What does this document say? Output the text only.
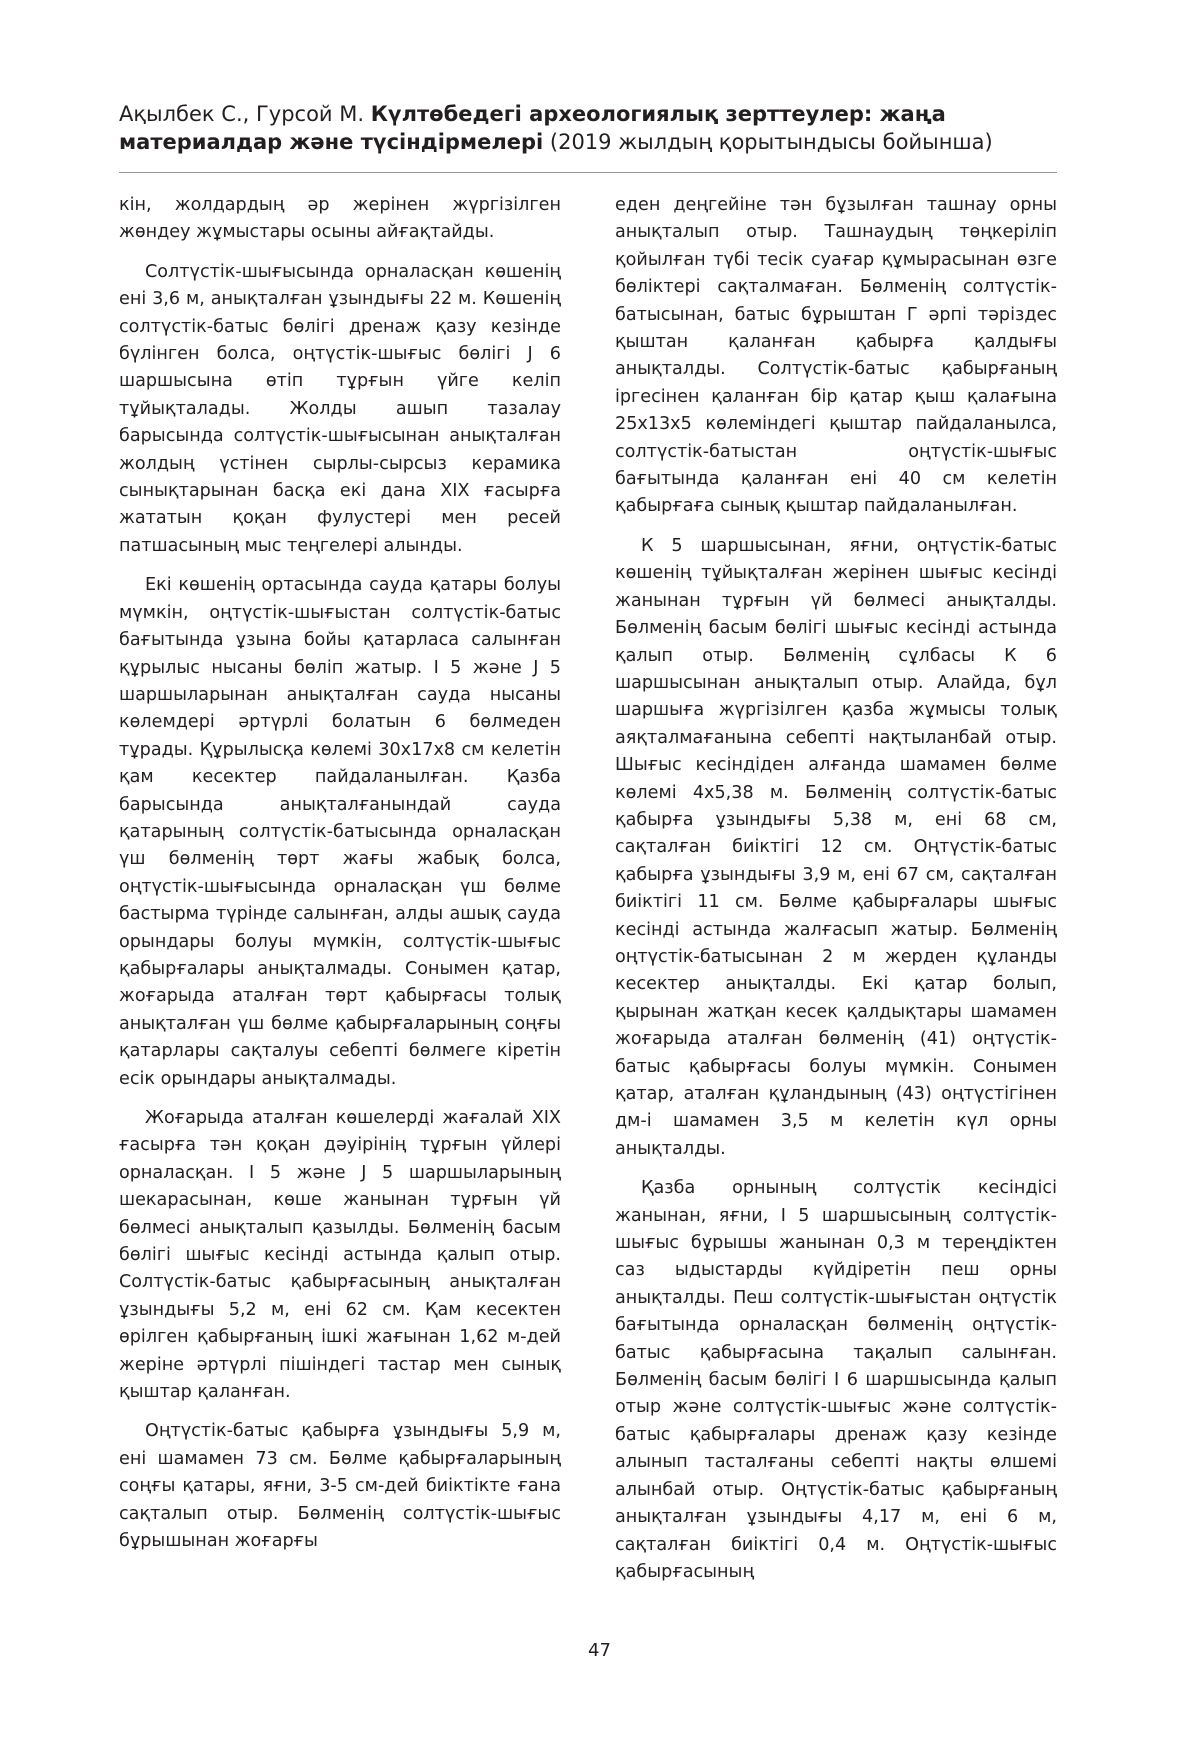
Ақылбек С., Гурсой М. Күлтөбедегі археологиялық зерттеулер: жаңа материалдар және түсіндірмелері (2019 жылдың қорытындысы бойынша)

кін, жолдардың әр жерінен жүргізілген жөндеу жұмыстары осыны айғақтайды.

Солтүстік-шығысында орналасқан көшенің ені 3,6 м, анықталған ұзындығы 22 м. Көшенің солтүстік-батыс бөлігі дренаж қазу кезінде бүлінген болса, оңтүстік-шығыс бөлігі J 6 шаршысына өтіп тұрғын үйге келіп тұйықталады. Жолды ашып тазалау барысында солтүстік-шығысынан анықталған жолдың үстінен сырлы-сырсыз керамика сынықтарынан басқа екі дана XIX ғасырға жататын қоқан фулустері мен ресей патшасының мыс теңгелері алынды.

Екі көшенің ортасында сауда қатары болуы мүмкін, оңтүстік-шығыстан солтүстік-батыс бағытында ұзына бойы қатарласа салынған құрылыс нысаны бөліп жатыр. I 5 және J 5 шаршыларынан анықталған сауда нысаны көлемдері әртүрлі болатын 6 бөлмеден тұрады. Құрылысқа көлемі 30х17х8 см келетін қам кесектер пайдаланылған. Қазба барысында анықталғанындай сауда қатарының солтүстік-батысында орналасқан үш бөлменің төрт жағы жабық болса, оңтүстік-шығысында орналасқан үш бөлме бастырма түрінде салынған, алды ашық сауда орындары болуы мүмкін, солтүстік-шығыс қабырғалары анықталмады. Сонымен қатар, жоғарыда аталған төрт қабырғасы толық анықталған үш бөлме қабырғаларының соңғы қатарлары сақталуы себепті бөлмеге кіретін есік орындары анықталмады.

Жоғарыда аталған көшелерді жағалай XIX ғасырға тән қоқан дәуірінің тұрғын үйлері орналасқан. I 5 және J 5 шаршыларының шекарасынан, көше жанынан тұрғын үй бөлмесі анықталып қазылды. Бөлменің басым бөлігі шығыс кесінді астында қалып отыр. Солтүстік-батыс қабырғасының анықталған ұзындығы 5,2 м, ені 62 см. Қам кесектен өрілген қабырғаның ішкі жағынан 1,62 м-дей жеріне әртүрлі пішіндегі тастар мен сынық қыштар қаланған.

Оңтүстік-батыс қабырға ұзындығы 5,9 м, ені шамамен 73 см. Бөлме қабырғаларының соңғы қатары, яғни, 3-5 см-дей биіктікте ғана сақталып отыр. Бөлменің солтүстік-шығыс бұрышынан жоғарғы

еден деңгейіне тән бұзылған ташнау орны анықталып отыр. Ташнаудың төңкеріліп қойылған түбі тесік суағар құмырасынан өзге бөліктері сақталмаған. Бөлменің солтүстік-батысынан, батыс бұрыштан Г әрпі тәріздес қыштан қаланған қабырға қалдығы анықталды. Солтүстік-батыс қабырғаның іргесінен қаланған бір қатар қыш қалағына 25х13х5 көлеміндегі қыштар пайдаланылса, солтүстік-батыстан оңтүстік-шығыс бағытында қаланған ені 40 см келетін қабырғаға сынық қыштар пайдаланылған.

К 5 шаршысынан, яғни, оңтүстік-батыс көшенің тұйықталған жерінен шығыс кесінді жанынан тұрғын үй бөлмесі анықталды. Бөлменің басым бөлігі шығыс кесінді астында қалып отыр. Бөлменің сұлбасы К 6 шаршысынан анықталып отыр. Алайда, бұл шаршыға жүргізілген қазба жұмысы толық аяқталмағанына себепті нақтыланбай отыр. Шығыс кесіндіден алғанда шамамен бөлме көлемі 4х5,38 м. Бөлменің солтүстік-батыс қабырға ұзындығы 5,38 м, ені 68 см, сақталған биіктігі 12 см. Оңтүстік-батыс қабырға ұзындығы 3,9 м, ені 67 см, сақталған биіктігі 11 см. Бөлме қабырғалары шығыс кесінді астында жалғасып жатыр. Бөлменің оңтүстік-батысынан 2 м жерден құланды кесектер анықталды. Екі қатар болып, қырынан жатқан кесек қалдықтары шамамен жоғарыда аталған бөлменің (41) оңтүстік-батыс қабырғасы болуы мүмкін. Сонымен қатар, аталған құландының (43) оңтүстігінен дм-і шамамен 3,5 м келетін күл орны анықталды.

Қазба орнының солтүстік кесіндісі жанынан, яғни, I 5 шаршысының солтүстік-шығыс бұрышы жанынан 0,3 м тереңдіктен саз ыдыстарды күйдіретін пеш орны анықталды. Пеш солтүстік-шығыстан оңтүстік бағытында орналасқан бөлменің оңтүстік-батыс қабырғасына тақалып салынған. Бөлменің басым бөлігі I 6 шаршысында қалып отыр және солтүстік-шығыс және солтүстік-батыс қабырғалары дренаж қазу кезінде алынып тасталғаны себепті нақты өлшемі алынбай отыр. Оңтүстік-батыс қабырғаның анықталған ұзындығы 4,17 м, ені 6 м, сақталған биіктігі 0,4 м. Оңтүстік-шығыс қабырғасының

47
